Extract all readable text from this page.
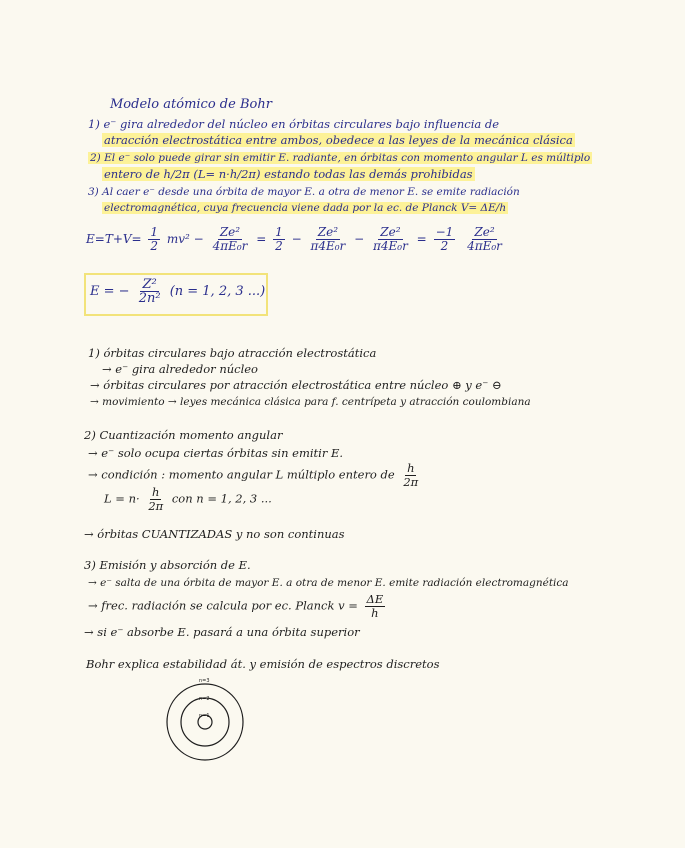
Modelo atómico de Bohr
1) e⁻ gira alrededor del núcleo en órbitas circulares bajo influencia de
atracción electrostática entre ambos, obedece a las leyes de la mecánica clásica
2) El e⁻ solo puede girar sin emitir E. radiante, en órbitas con momento angular L es múltiplo
entero de h/2π (L= n·h/2π) estando todas las demás prohibidas
3) Al caer e⁻ desde una órbita de mayor E. a otra de menor E. se emite radiación
electromagnética, cuya frecuencia viene dada por la ec. de Planck V= ΔE/h
$E=T+V= \frac{1}{2} mv^2 - \frac{\text{Ze²}}{\text{4πE₀r}} = \frac{1}{2} - \frac{\text{Ze²}}{\text{π4E₀r}} - \frac{\text{Ze²}}{\text{π4E₀r}} = \frac{-1}{2}$
$\frac{\text{Ze²}}{\text{4πE₀r}}$
E = − $\frac{\text{Z²}}{\text{2n²}} (n = 1$, 2, 3 ...)
1) órbitas circulares bajo atracción electrostática
→ e⁻ gira alrededor núcleo
→ órbitas circulares por atracción electrostática entre núcleo ⊕ y e⁻ ⊖
→ movimiento → leyes mecánica clásica para f. centrípeta y atracción coulombiana
2) Cuantización momento angular
→ e⁻ solo ocupa ciertas órbitas sin emitir E.
→ condición : momento angular L múltiplo entero de $\frac{h}{2\pi}$
$L = n\cdot \frac{h}{2\pi}$ con n = 1, 2, 3 ...
→ órbitas CUANTIZADAS y no son continuas
3) Emisión y absorción de E.
→ e⁻ salta de una órbita de mayor E. a otra de menor E. emite radiación electromagnética
→ frec. radiación se calcula por ec. Planck $v = \frac{\Delta E}{h}$
→ si e⁻ absorbe E. pasará a una órbita superior
Bohr explica estabilidad át. y emisión de espectros discretos
n=3
n=2
n=1
